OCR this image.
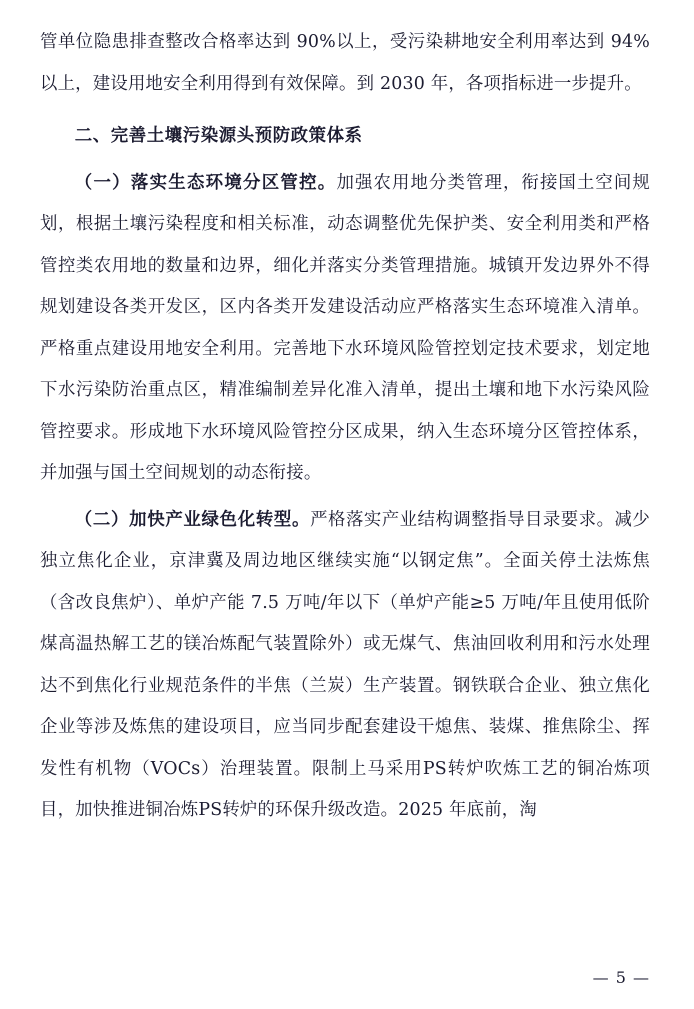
管单位隐患排查整改合格率达到 90%以上，受污染耕地安全利用率达到 94%以上，建设用地安全利用得到有效保障。到 2030 年，各项指标进一步提升。

二、完善土壤污染源头预防政策体系

（一）落实生态环境分区管控。加强农用地分类管理，衔接国土空间规划，根据土壤污染程度和相关标准，动态调整优先保护类、安全利用类和严格管控类农用地的数量和边界，细化并落实分类管理措施。城镇开发边界外不得规划建设各类开发区，区内各类开发建设活动应严格落实生态环境准入清单。严格重点建设用地安全利用。完善地下水环境风险管控划定技术要求，划定地下水污染防治重点区，精准编制差异化准入清单，提出土壤和地下水污染风险管控要求。形成地下水环境风险管控分区成果，纳入生态环境分区管控体系，并加强与国土空间规划的动态衔接。

（二）加快产业绿色化转型。严格落实产业结构调整指导目录要求。减少独立焦化企业，京津冀及周边地区继续实施“以钢定焦”。全面关停土法炼焦（含改良焦炉）、单炉产能 7.5 万吨/年以下（单炉产能≥5 万吨/年且使用低阶煤高温热解工艺的镁冶炼配气装置除外）或无煤气、焦油回收利用和污水处理达不到焦化行业规范条件的半焦（兰炭）生产装置。钢铁联合企业、独立焦化企业等涉及炼焦的建设项目，应当同步配套建设干熄焦、装煤、推焦除尘、挥发性有机物（VOCs）治理装置。限制上马采用PS转炉吹炼工艺的铜冶炼项目，加快推进铜冶炼PS转炉的环保升级改造。2025 年底前，淘

— 5 —
